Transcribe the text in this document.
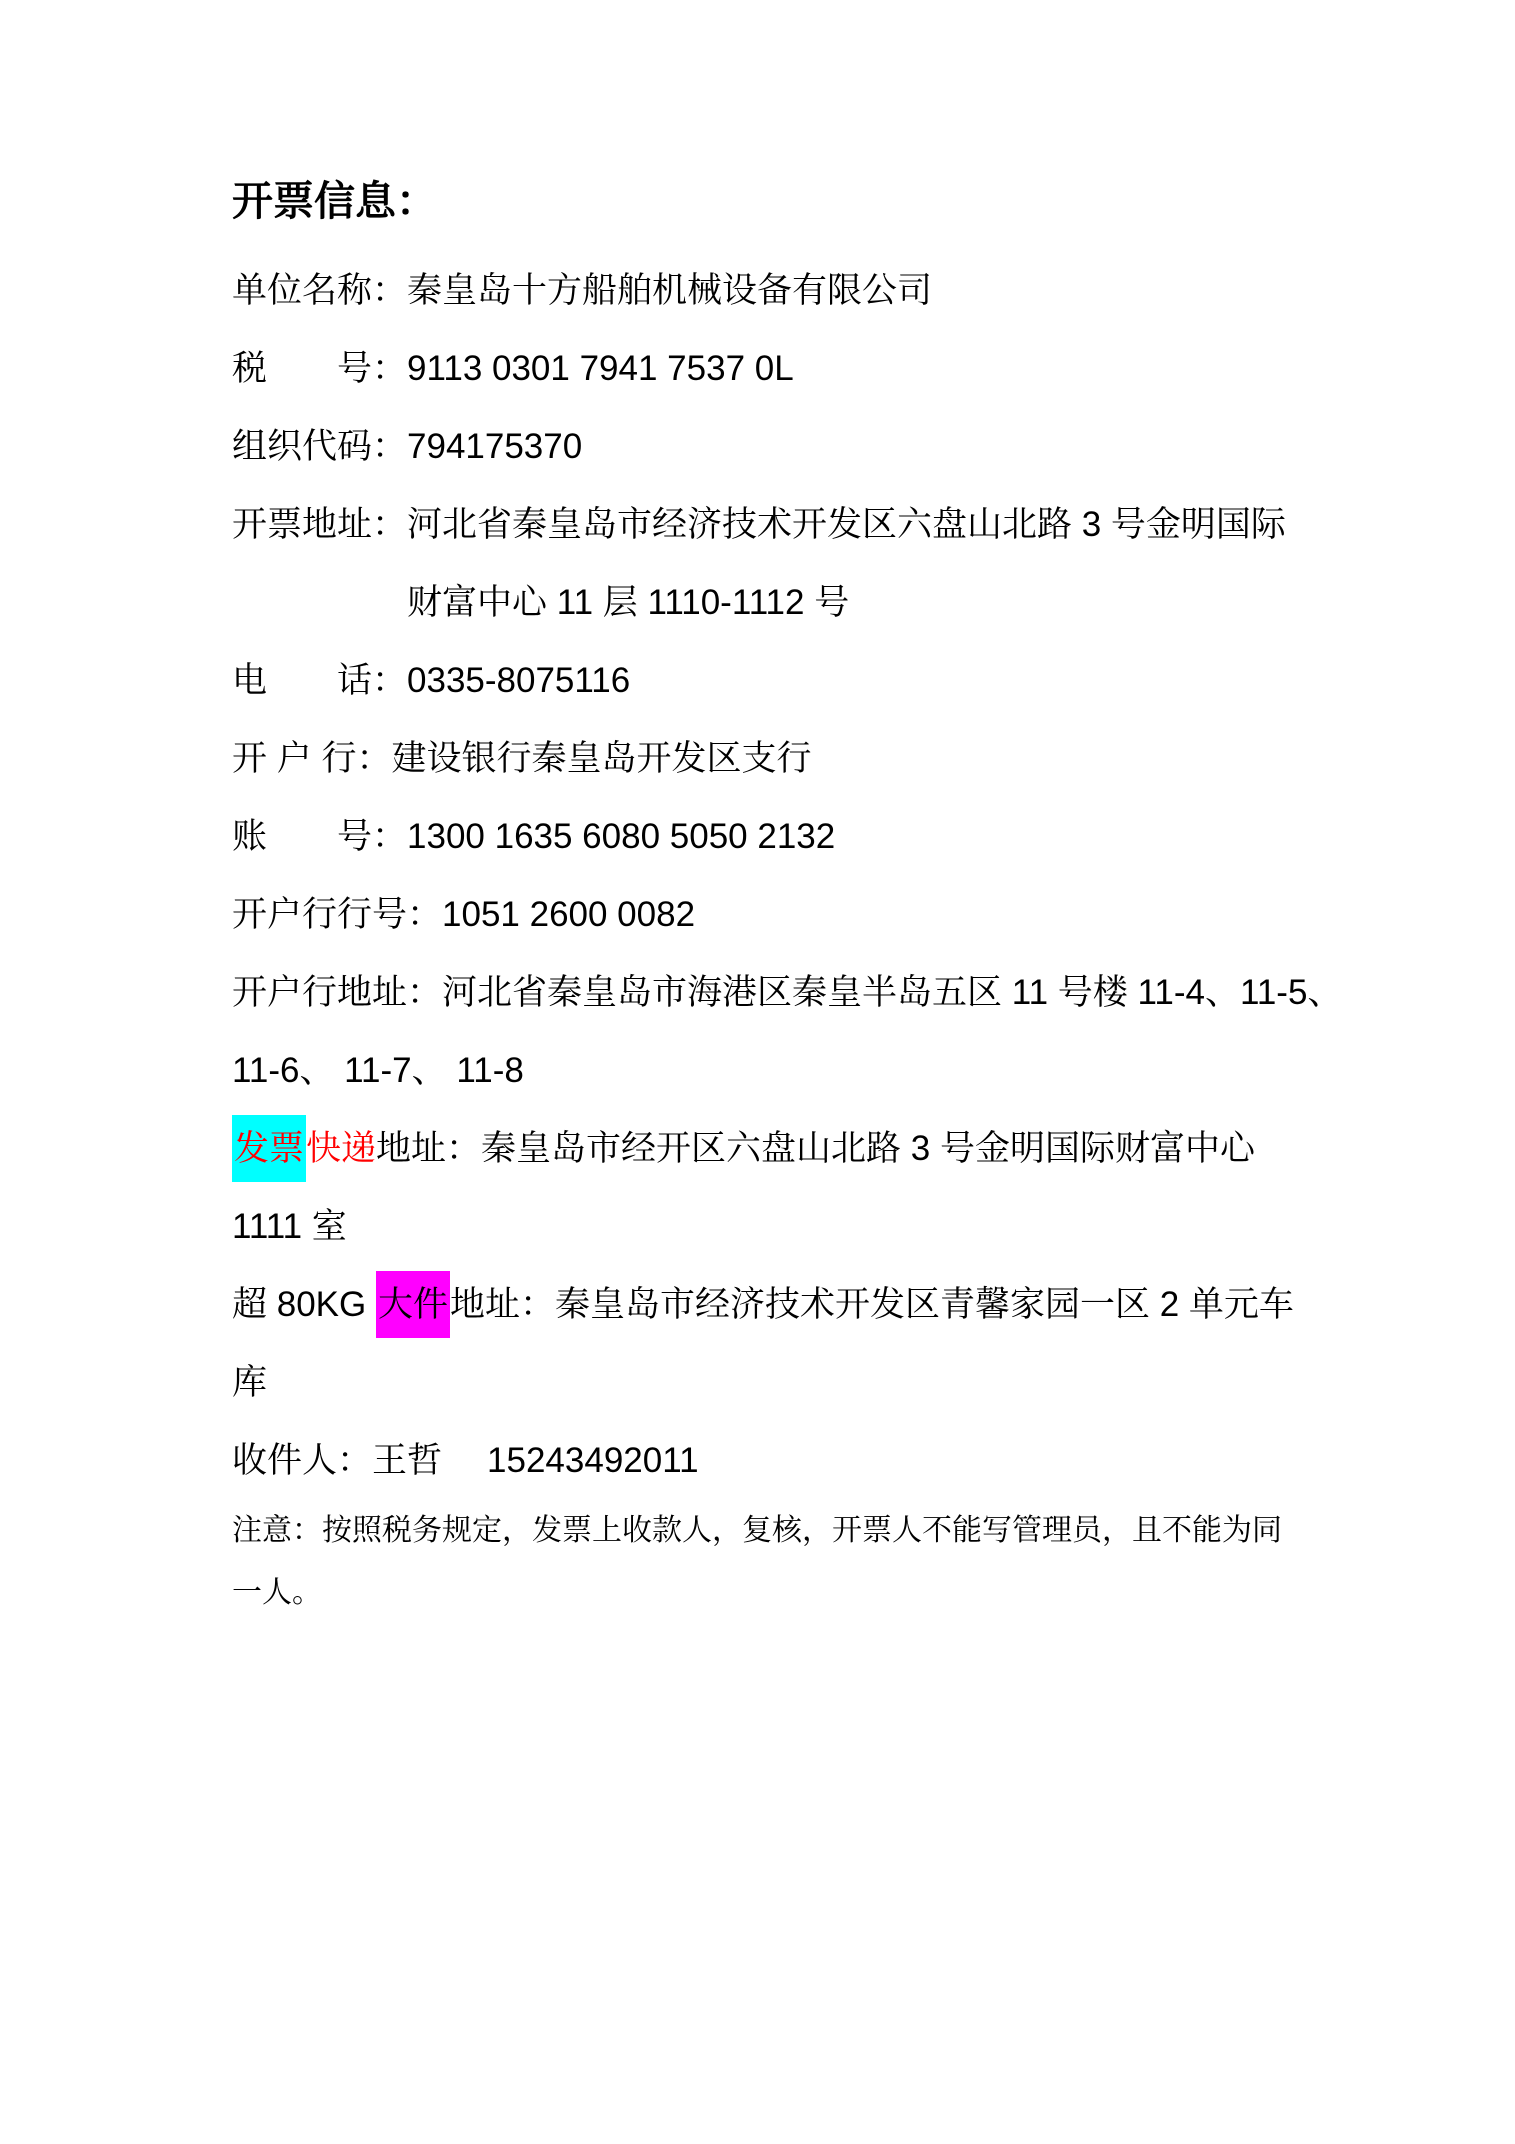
开票信息：
单位名称：秦皇岛十方船舶机械设备有限公司
税　　号：9113 0301 7941 7537 0L
组织代码：794175370
开票地址：河北省秦皇岛市经济技术开发区六盘山北路 3 号金明国际
财富中心 11 层 1110-1112 号
电　　话：0335-8075116
开 户 行：建设银行秦皇岛开发区支行
账　　号：1300 1635 6080 5050 2132
开户行行号：1051 2600 0082
开户行地址：河北省秦皇岛市海港区秦皇半岛五区 11 号楼 11-4、11-5、
11-6、 11-7、 11-8
发票快递地址：秦皇岛市经开区六盘山北路 3 号金明国际财富中心
1111 室
超 80KG 大件地址：秦皇岛市经济技术开发区青馨家园一区 2 单元车
库
收件人：王哲 15243492011
注意：按照税务规定，发票上收款人，复核，开票人不能写管理员，且不能为同
一人。
